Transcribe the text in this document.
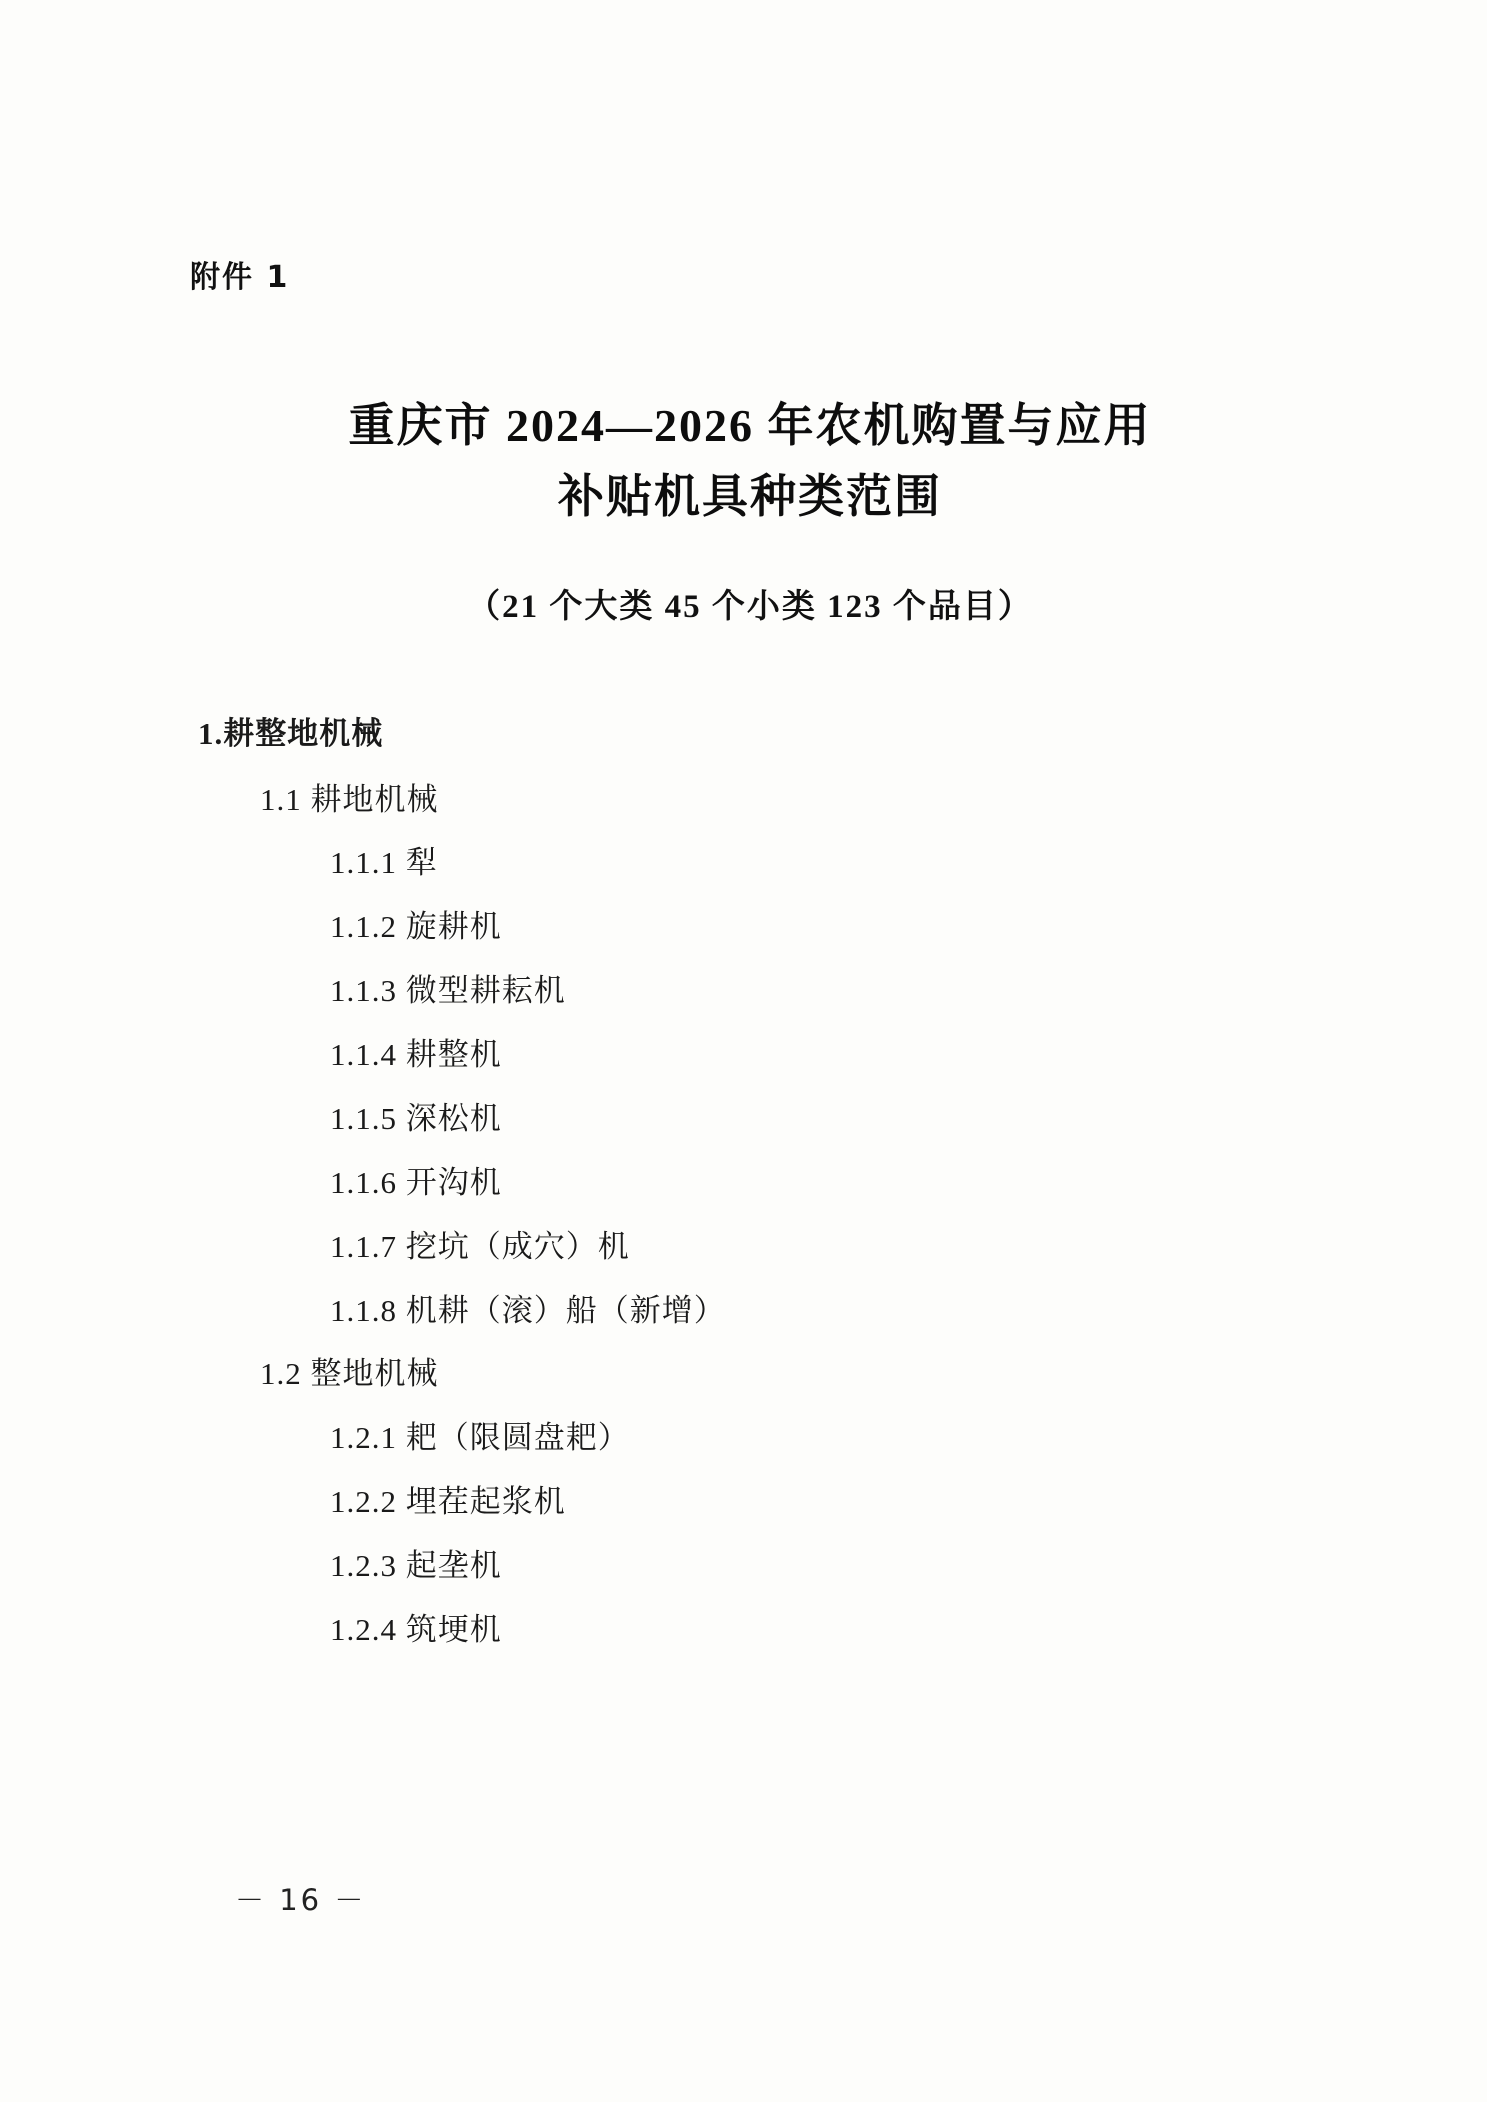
附件 1
重庆市 2024—2026 年农机购置与应用
补贴机具种类范围
（21 个大类 45 个小类 123 个品目）
1.耕整地机械
1.1 耕地机械
1.1.1 犁
1.1.2 旋耕机
1.1.3 微型耕耘机
1.1.4 耕整机
1.1.5 深松机
1.1.6 开沟机
1.1.7 挖坑（成穴）机
1.1.8 机耕（滚）船（新增）
1.2 整地机械
1.2.1 耙（限圆盘耙）
1.2.2 埋茬起浆机
1.2.3 起垄机
1.2.4 筑埂机
－ 16 －
